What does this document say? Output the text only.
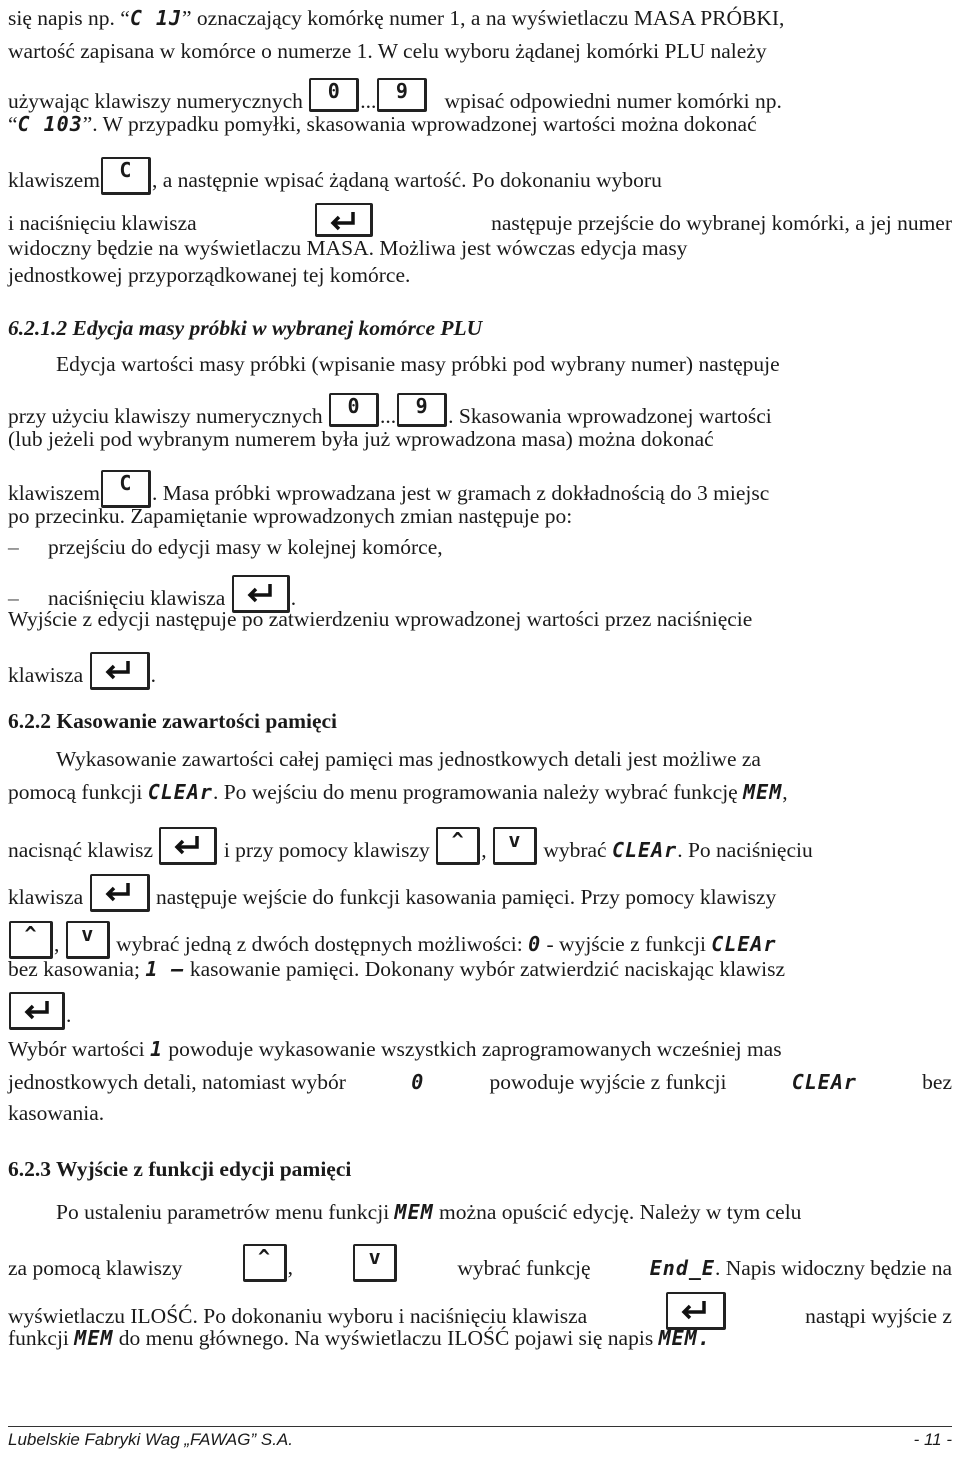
się napis np. “C 1J” oznaczający komórkę numer 1, a na wyświetlaczu MASA PRÓBKI,
wartość zapisana w komórce o numerze 1. W celu wyboru żądanej komórki PLU należy
używając klawiszy numerycznych	0 ... 9	wpisać odpowiedni numer komórki np.
“C 103”. W przypadku pomyłki, skasowania wprowadzonej wartości można dokonać
klawiszem C , a następnie wpisać żądaną wartość. Po dokonaniu wyboru
i naciśnięciu klawisza	następuje przejście do wybranej komórki, a jej numer
widoczny będzie na wyświetlaczu MASA. Możliwa jest wówczas edycja masy
jednostkowej przyporządkowanej tej komórce.
6.2.1.2 Edycja masy próbki w wybranej komórce PLU
Edycja wartości masy próbki (wpisanie masy próbki pod wybrany numer) następuje
przy użyciu klawiszy numerycznych	0 ... 9 . Skasowania wprowadzonej wartości
(lub jeżeli pod wybranym numerem była już wprowadzona masa) można dokonać
klawiszem C . Masa próbki wprowadzana jest w gramach z dokładnością do 3 miejsc
po przecinku. Zapamiętanie wprowadzonych zmian następuje po:
– przejściu do edycji masy w kolejnej komórce,
– naciśnięciu klawisza	.
Wyjście z edycji następuje po zatwierdzeniu wprowadzonej wartości przez naciśnięcie
klawisza	.
6.2.2 Kasowanie zawartości pamięci
Wykasowanie zawartości całej pamięci mas jednostkowych detali jest możliwe za
pomocą funkcji CLEAr. Po wejściu do menu programowania należy wybrać funkcję MEM,
nacisnąć klawisz	i przy pomocy klawiszy	^ ,	v	wybrać CLEAr. Po naciśnięciu
klawisza	następuje wejście do funkcji kasowania pamięci. Przy pomocy klawiszy
^ ,	v	wybrać jedną z dwóch dostępnych możliwości: 0 - wyjście z funkcji CLEAr
bez kasowania; 1 – kasowanie pamięci. Dokonany wybór zatwierdzić naciskając klawisz
.
Wybór wartości 1 powoduje wykasowanie wszystkich zaprogramowanych wcześniej mas
jednostkowych detali, natomiast wybór	0	powoduje wyjście z funkcji	CLEAr	bez
kasowania.
6.2.3 Wyjście z funkcji edycji pamięci
Po ustaleniu parametrów menu funkcji MEM można opuścić edycję. Należy w tym celu
za pomocą klawiszy	^ ,	v	wybrać funkcję	End_E. Napis widoczny będzie na
wyświetlaczu ILOŚĆ. Po dokonaniu wyboru i naciśnięciu klawisza	nastąpi wyjście z
funkcji MEM do menu głównego. Na wyświetlaczu ILOŚĆ pojawi się napis MEM.
Lubelskie Fabryki Wag „FAWAG” S.A.	- 11 -
